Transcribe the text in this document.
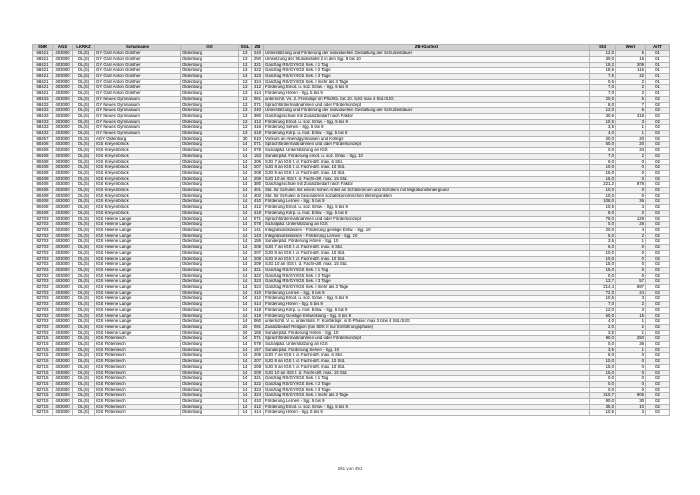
SNR	AGS	LKRKZ	Schulname	Ort	SGL	ZB	ZB-Klartext	Std	Wert	ArtT
68421	403000	OL(S)	GY Graf Anton Günther	Oldenburg	13	240	Unterstützung und Förderung der individuellen Gestaltung der Schulzeitdauer	12,0	6	01
68421	403000	OL(S)	GY Graf Anton Günther	Oldenburg	13	250	Umsetzung der Stundentafel 2 in den Sjg. 8 bis 10	30,0	15	01
68421	403000	OL(S)	GY Graf Anton Günther	Oldenburg	13	321	Ganztag RS/GY/IGS Sek. I 1 Tag	19,2	209	01
68421	403000	OL(S)	GY Graf Anton Günther	Oldenburg	13	322	Ganztag RS/GY/IGS Sek. I 2 Tage	18,6	116	01
68421	403000	OL(S)	GY Graf Anton Günther	Oldenburg	13	323	Ganztag RS/GY/IGS Sek. I 3 Tage	7,6	32	01
68421	403000	OL(S)	GY Graf Anton Günther	Oldenburg	13	324	Ganztag RS/GY/IGS Sek. I mehr als 3 Tage	0,6	2	01
68421	403000	OL(S)	GY Graf Anton Günther	Oldenburg	13	412	Förderung Emot. u. soz. Entw. - Sjg. 5 bis 9	7,0	2	01
68421	403000	OL(S)	GY Graf Anton Günther	Oldenburg	13	414	Förderung Hören - Sjg. 5 bis 9	7,0	2	01
68433	403000	OL(S)	GY Neues Gymnasium	Oldenburg	13	061	unterrichtl. Vs. 2. Fremdspr im Pflichtb. bis 10. SJG max 4 Std./SJG	20,0	5	02
68433	403000	OL(S)	GY Neues Gymnasium	Oldenburg	13	071	Sprachfördermaßnahmen und oder Förderkonzept	8,0	7	02
68433	403000	OL(S)	GY Neues Gymnasium	Oldenburg	13	240	Unterstützung und Förderung der individuellen Gestaltung der Schulzeitdauer	12,0	6	02
68433	403000	OL(S)	GY Neues Gymnasium	Oldenburg	13	380	Ganztagsschule mit Zusatzbedarf nach Faktor	30,6	418	02
68433	403000	OL(S)	GY Neues Gymnasium	Oldenburg	13	412	Förderung Emot. u. soz. Entw. - Sjg. 5 bis 9	10,5	3	02
68433	403000	OL(S)	GY Neues Gymnasium	Oldenburg	13	416	Förderung Sehen - Sjg. 5 bis 9	3,5	1	02
68433	403000	OL(S)	GY Neues Gymnasium	Oldenburg	13	418	Förderung Körp. u. mot. Entw. - Sjg. 5 bis 9	4,0	1	02
68457	403000	OL(S)	AGY Oldenburg	Oldenburg	30	010	Vorkurs an Abendgymnasien und Kollegs	20,0	20	02
80408	403000	OL(S)	IGS Kreyenbrück	Oldenburg	14	071	Sprachfördermaßnahmen und oder Förderkonzept	60,0	20	02
80408	403000	OL(S)	IGS Kreyenbrück	Oldenburg	14	078	Sozialpäd. Unterstützung an IGS	0,0	34	02
80408	403000	OL(S)	IGS Kreyenbrück	Oldenburg	14	153	Sonderpäd. Förderung emot. u. soz. Entw. - Sjg. 10	7,0	2	02
80408	403000	OL(S)	IGS Kreyenbrück	Oldenburg	14	206	SJG 7 an IGS f. d. Fachl-diff. max. 6 Std.	6,0	0	02
80408	403000	OL(S)	IGS Kreyenbrück	Oldenburg	14	207	SJG 8 an IGS f. d. Fachl-diff. max. 10 Std.	10,0	0	02
80408	403000	OL(S)	IGS Kreyenbrück	Oldenburg	14	208	SJG 9 an IGS f. d. Fachl-diff. max. 10 Std.	15,0	0	02
80408	403000	OL(S)	IGS Kreyenbrück	Oldenburg	14	209	SJG 10 an IGS f. d. Fachl-diff. max. 15 Std.	15,0	0	02
80408	403000	OL(S)	IGS Kreyenbrück	Oldenburg	14	380	Ganztagsschule mit Zusatzbedarf nach Faktor	221,2	878	02
80408	403000	OL(S)	IGS Kreyenbrück	Oldenburg	14	401	Std. für Schulen mit einem hohen Anteil an Schülerinnen und Schülern mit Migrationshintergrund	10,0	0	02
80408	403000	OL(S)	IGS Kreyenbrück	Oldenburg	14	402	Std. für Schulen in besonderen sozialökonomischen Brennpunkten	10,0	0	02
80408	403000	OL(S)	IGS Kreyenbrück	Oldenburg	14	410	Förderung Lernen - Sjg. 5 bis 9	108,0	36	02
80408	403000	OL(S)	IGS Kreyenbrück	Oldenburg	14	412	Förderung Emot. u. soz. Entw. - Sjg. 5 bis 9	10,5	3	02
80408	403000	OL(S)	IGS Kreyenbrück	Oldenburg	14	418	Förderung Körp. u. mot. Entw. - Sjg. 5 bis 9	8,0	2	02
82703	403000	OL(S)	IGS Helene Lange	Oldenburg	14	071	Sprachfördermaßnahmen und oder Förderkonzept	78,0	129	02
82703	403000	OL(S)	IGS Helene Lange	Oldenburg	14	078	Sozialpäd. Unterstützung an IGS	0,0	28	02
82703	403000	OL(S)	IGS Helene Lange	Oldenburg	14	141	Integrationsklassen - Förderung geistige Entw. - Sjg. 10	20,0	4	02
82703	403000	OL(S)	IGS Helene Lange	Oldenburg	14	143	Integrationsklassen - Förderung Lernen - Sjg. 10	6,0	2	02
82703	403000	OL(S)	IGS Helene Lange	Oldenburg	14	155	Sonderpäd. Förderung Hören - Sjg. 10	3,5	1	02
82703	403000	OL(S)	IGS Helene Lange	Oldenburg	14	206	SJG 7 an IGS f. d. Fachl-diff. max. 6 Std.	6,0	0	02
82703	403000	OL(S)	IGS Helene Lange	Oldenburg	14	207	SJG 8 an IGS f. d. Fachl-diff. max. 10 Std.	10,0	0	02
82703	403000	OL(S)	IGS Helene Lange	Oldenburg	14	208	SJG 9 an IGS f. d. Fachl-diff. max. 10 Std.	10,0	0	02
82703	403000	OL(S)	IGS Helene Lange	Oldenburg	14	209	SJG 10 an IGS f. d. Fachl-diff. max. 15 Std.	15,0	0	02
82703	403000	OL(S)	IGS Helene Lange	Oldenburg	14	321	Ganztag RS/GY/IGS Sek. I 1 Tag	15,0	0	02
82703	403000	OL(S)	IGS Helene Lange	Oldenburg	14	322	Ganztag RS/GY/IGS Sek. I 2 Tage	0,0	0	02
82703	403000	OL(S)	IGS Helene Lange	Oldenburg	14	323	Ganztag RS/GY/IGS Sek. I 3 Tage	13,7	57	02
82703	403000	OL(S)	IGS Helene Lange	Oldenburg	14	324	Ganztag RS/GY/IGS Sek. I mehr als 3 Tage	214,4	697	02
82703	403000	OL(S)	IGS Helene Lange	Oldenburg	14	410	Förderung Lernen - Sjg. 5 bis 9	72,0	24	02
82703	403000	OL(S)	IGS Helene Lange	Oldenburg	14	412	Förderung Emot. u. soz. Entw. - Sjg. 5 bis 9	10,5	3	02
82703	403000	OL(S)	IGS Helene Lange	Oldenburg	14	414	Förderung Hören - Sjg. 5 bis 9	7,0	2	02
82703	403000	OL(S)	IGS Helene Lange	Oldenburg	14	418	Förderung Körp. u. mot. Entw. - Sjg. 5 bis 9	12,0	3	02
82703	403000	OL(S)	IGS Helene Lange	Oldenburg	14	419	Förderung Geistige Entwicklung - Sjg. 5 bis 9	60,0	15	02
82703	403000	OL(S)	IGS Helene Lange	Oldenburg	14	060	unterrichtl. V. u. unterstuts. F. Konfliktspr. in E-Phase: max 3 bzw 4 Std./SJG	4,0	1	02
82703	403000	OL(S)	IGS Helene Lange	Oldenburg	24	091	Zusatzbedarf Religion (bei SEK II nur Einführungsphase)	2,0	2	02
82703	403000	OL(S)	IGS Helene Lange	Oldenburg	24	155	Sonderpäd. Förderung Hören - Sjg. 10	3,5	1	02
82715	403000	OL(S)	IGS Flötenteich	Oldenburg	14	071	Sprachfördermaßnahmen und oder Förderkonzept	90,0	250	02
82715	403000	OL(S)	IGS Flötenteich	Oldenburg	14	078	Sozialpäd. Unterstützung an IGS	0,0	36	02
82715	403000	OL(S)	IGS Flötenteich	Oldenburg	14	157	Sonderpäd. Förderung Sehen - Sjg. 10	3,5	1	02
82715	403000	OL(S)	IGS Flötenteich	Oldenburg	14	206	SJG 7 an IGS f. d. Fachl-diff. max. 6 Std.	6,0	0	02
82715	403000	OL(S)	IGS Flötenteich	Oldenburg	14	207	SJG 8 an IGS f. d. Fachl-diff. max. 10 Std.	10,0	0	02
82715	403000	OL(S)	IGS Flötenteich	Oldenburg	14	208	SJG 9 an IGS f. d. Fachl-diff. max. 10 Std.	15,0	0	02
82715	403000	OL(S)	IGS Flötenteich	Oldenburg	14	209	SJG 10 an IGS f. d. Fachl-diff. max. 15 Std.	15,0	0	02
82715	403000	OL(S)	IGS Flötenteich	Oldenburg	14	321	Ganztag RS/GY/IGS Sek. I 1 Tag	0,0	0	02
82715	403000	OL(S)	IGS Flötenteich	Oldenburg	14	322	Ganztag RS/GY/IGS Sek. I 2 Tage	0,0	0	02
82715	403000	OL(S)	IGS Flötenteich	Oldenburg	14	323	Ganztag RS/GY/IGS Sek. I 3 Tage	0,0	0	02
82715	403000	OL(S)	IGS Flötenteich	Oldenburg	14	324	Ganztag RS/GY/IGS Sek. I mehr als 3 Tage	310,7	906	02
82715	403000	OL(S)	IGS Flötenteich	Oldenburg	14	410	Förderung Lernen - Sjg. 5 bis 9	90,0	30	02
82715	403000	OL(S)	IGS Flötenteich	Oldenburg	14	412	Förderung Emot. u. soz. Entw. - Sjg. 5 bis 9	35,0	10	02
82715	403000	OL(S)	IGS Flötenteich	Oldenburg	14	414	Förderung Hören - Sjg. 5 bis 9	10,5	3	02
281 von 451
